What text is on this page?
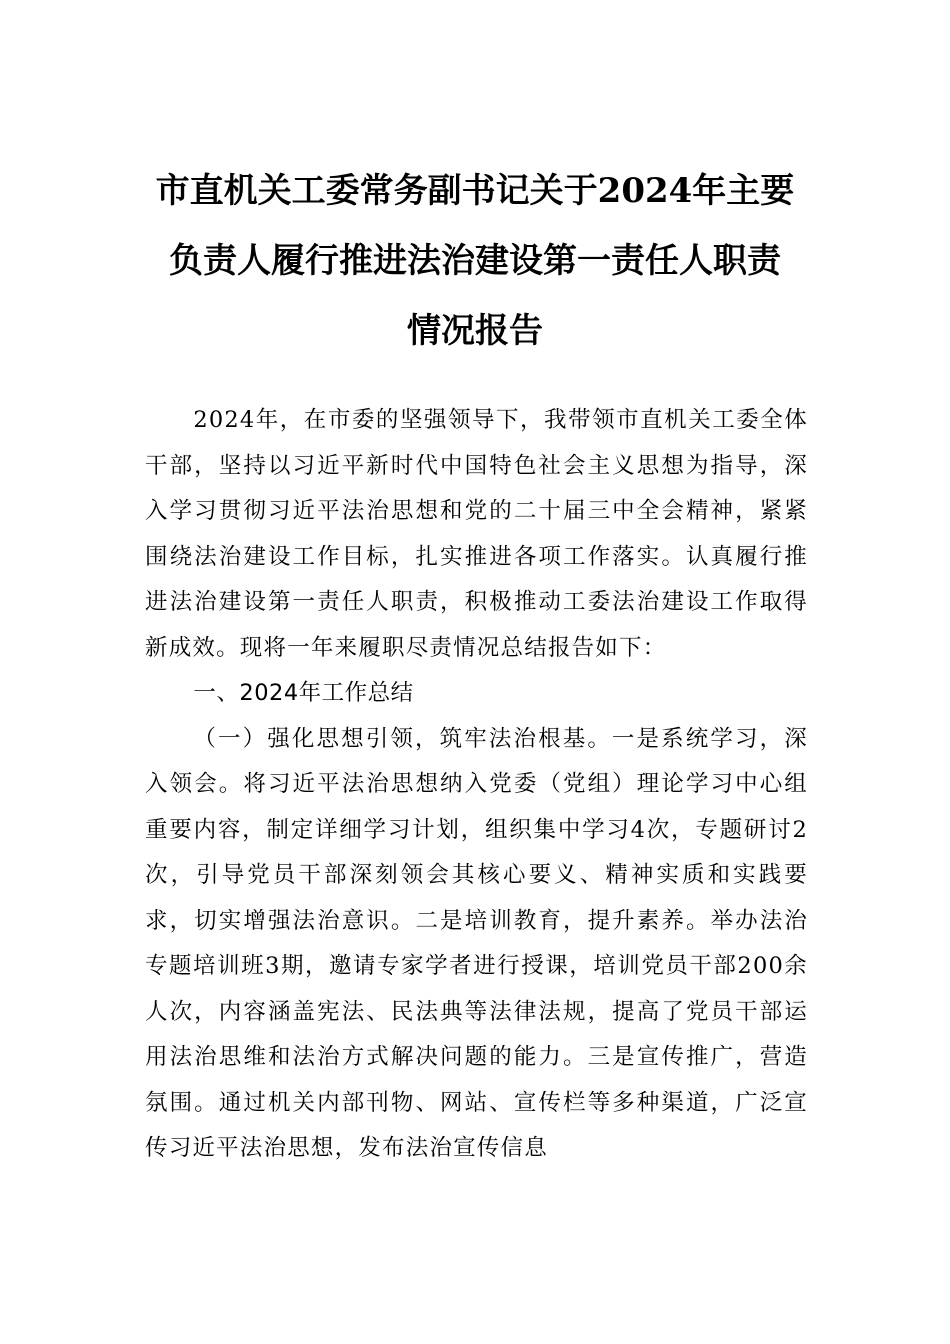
市直机关工委常务副书记关于2024年主要
负责人履行推进法治建设第一责任人职责
情况报告

2024年，在市委的坚强领导下，我带领市直机关工委全体干部，坚持以习近平新时代中国特色社会主义思想为指导，深入学习贯彻习近平法治思想和党的二十届三中全会精神，紧紧围绕法治建设工作目标，扎实推进各项工作落实。认真履行推进法治建设第一责任人职责，积极推动工委法治建设工作取得新成效。现将一年来履职尽责情况总结报告如下：

一、2024年工作总结

（一）强化思想引领，筑牢法治根基。一是系统学习，深入领会。将习近平法治思想纳入党委（党组）理论学习中心组重要内容，制定详细学习计划，组织集中学习4次，专题研讨2次，引导党员干部深刻领会其核心要义、精神实质和实践要求，切实增强法治意识。二是培训教育，提升素养。举办法治专题培训班3期，邀请专家学者进行授课，培训党员干部200余人次，内容涵盖宪法、民法典等法律法规，提高了党员干部运用法治思维和法治方式解决问题的能力。三是宣传推广，营造氛围。通过机关内部刊物、网站、宣传栏等多种渠道，广泛宣传习近平法治思想，发布法治宣传信息
